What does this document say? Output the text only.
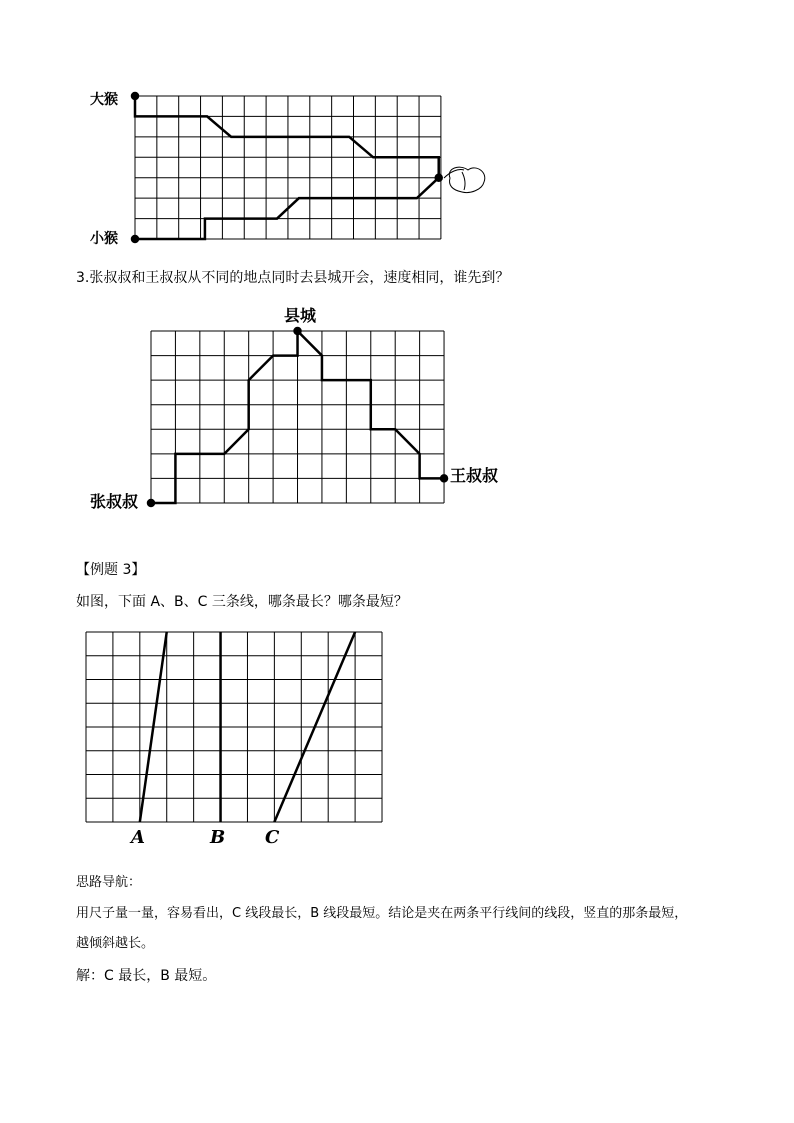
大猴
小猴
3.张叔叔和王叔叔从不同的地点同时去县城开会，速度相同，谁先到？
县城
王叔叔
张叔叔
【例题 3】
如图，下面 A、B、C 三条线，哪条最长？哪条最短？
A	B C
思路导航：
用尺子量一量，容易看出，C 线段最长，B 线段最短。结论是夹在两条平行线间的线段，竖直的那条最短，
越倾斜越长。
解：C 最长，B 最短。
